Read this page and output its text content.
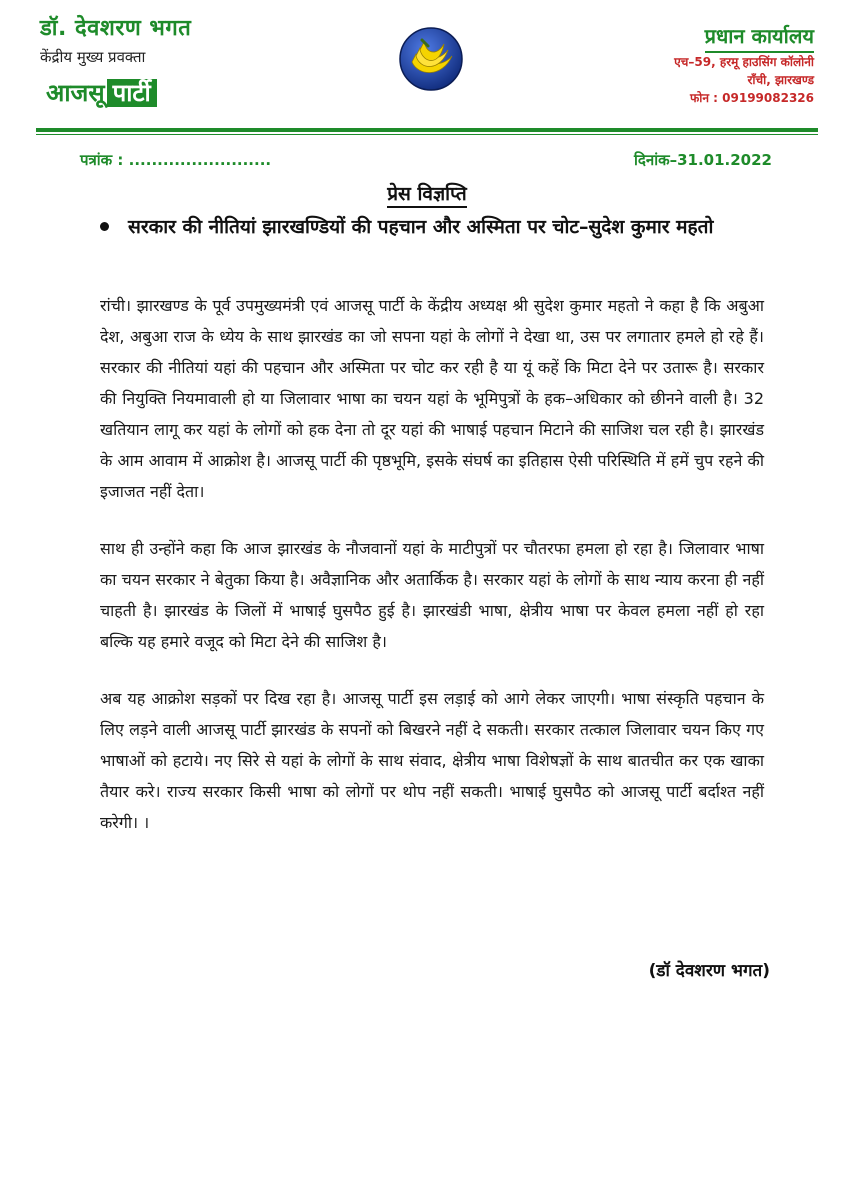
डॉ. देवशरण भगत
केंद्रीय मुख्य प्रवक्ता
आजसू पार्टी
प्रधान कार्यालय
एच–59, हरमू हाउसिंग कॉलोनी
राँची, झारखण्ड
फोन : 09199082326
पत्रांक : .........................	दिनांक–31.01.2022
प्रेस विज्ञप्ति
सरकार की नीतियां झारखण्डियों की पहचान और अस्मिता पर चोट–सुदेश कुमार महतो

रांची। झारखण्ड के पूर्व उपमुख्यमंत्री एवं आजसू पार्टी के केंद्रीय अध्यक्ष श्री सुदेश कुमार महतो ने कहा है कि अबुआ देश, अबुआ राज के ध्येय के साथ झारखंड का जो सपना यहां के लोगों ने देखा था, उस पर लगातार हमले हो रहे हैं। सरकार की नीतियां यहां की पहचान और अस्मिता पर चोट कर रही है या यूं कहें कि मिटा देने पर उतारू है। सरकार की नियुक्ति नियमावाली हो या जिलावार भाषा का चयन यहां के भूमिपुत्रों के हक–अधिकार को छीनने वाली है। 32 खतियान लागू कर यहां के लोगों को हक देना तो दूर यहां की भाषाई पहचान मिटाने की साजिश चल रही है। झारखंड के आम आवाम में आक्रोश है। आजसू पार्टी की पृष्ठभूमि, इसके संघर्ष का इतिहास ऐसी परिस्थिति में हमें चुप रहने की इजाजत नहीं देता।

साथ ही उन्होंने कहा कि आज झारखंड के नौजवानों यहां के माटीपुत्रों पर चौतरफा हमला हो रहा है। जिलावार भाषा का चयन सरकार ने बेतुका किया है। अवैज्ञानिक और अतार्किक है। सरकार यहां के लोगों के साथ न्याय करना ही नहीं चाहती है। झारखंड के जिलों में भाषाई घुसपैठ हुई है। झारखंडी भाषा, क्षेत्रीय भाषा पर केवल हमला नहीं हो रहा बल्कि यह हमारे वजूद को मिटा देने की साजिश है।

अब यह आक्रोश सड़कों पर दिख रहा है। आजसू पार्टी इस लड़ाई को आगे लेकर जाएगी। भाषा संस्कृति पहचान के लिए लड़ने वाली आजसू पार्टी झारखंड के सपनों को बिखरने नहीं दे सकती। सरकार तत्काल जिलावार चयन किए गए भाषाओं को हटाये। नए सिरे से यहां के लोगों के साथ संवाद, क्षेत्रीय भाषा विशेषज्ञों के साथ बातचीत कर एक खाका तैयार करे। राज्य सरकार किसी भाषा को लोगों पर थोप नहीं सकती। भाषाई घुसपैठ को आजसू पार्टी बर्दाश्त नहीं करेगी। ।

(डॉ देवशरण भगत)
